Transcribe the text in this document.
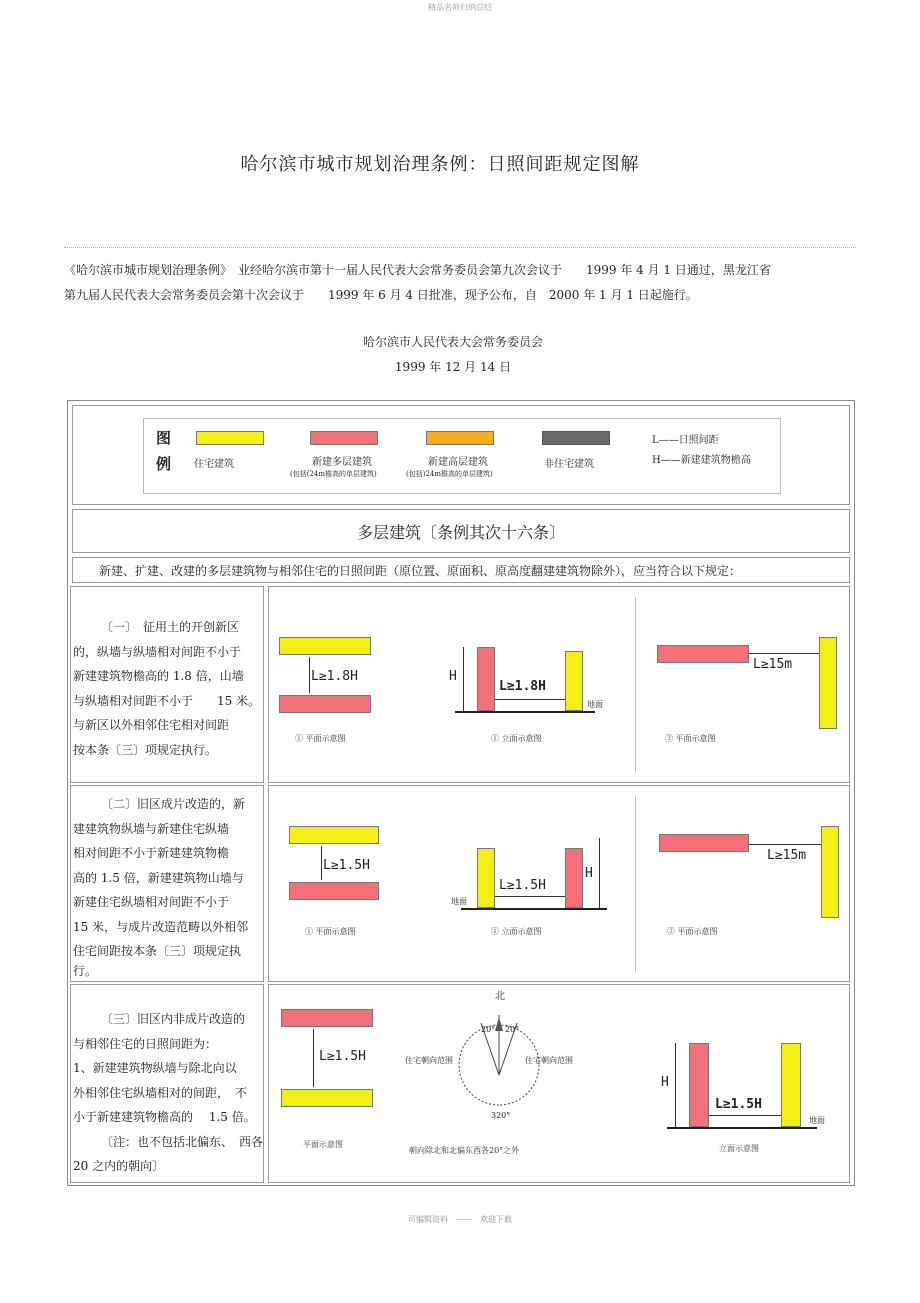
精品名师归纳总结
哈尔滨市城市规划治理条例：日照间距规定图解
《哈尔滨市城市规划治理条例》　业经哈尔滨市第十一届人民代表大会常务委员会第九次会议于　　1999 年 4 月 1 日通过，黑龙江省
第九届人民代表大会常务委员会第十次会议于　　1999 年 6 月 4 日批准，现予公布，自　2000 年 1 月 1 日起施行。
哈尔滨市人民代表大会常务委员会
1999 年 12 月 14 日
图
例 住宅建筑	新建多层建筑
(包括(24m檐高的单层建筑)
新建高层建筑
(包括)24m檐高的单层建筑)
非住宅建筑
L——日照间距
H——新建建筑物檐高
多层建筑〔条例其次十六条〕
新建、扩建、改建的多层建筑物与相邻住宅的日照间距（原位置、原面积、原高度翻建建筑物除外），应当符合以下规定：
〔一〕　征用土的开创新区
的，纵墙与纵墙相对间距不小于
新建建筑物檐高的 1.8 倍，山墙
与纵墙相对间距不小于　　15 米。
与新区以外相邻住宅相对间距
按本条〔三〕项规定执行。
L≥1.8H
① 平面示意图
H
L≥1.8H
地面
① 立面示意图
L≥15m
② 平面示意图
〔二〕旧区成片改造的，新
建建筑物纵墙与新建住宅纵墙
相对间距不小于新建建筑物檐
高的 1.5 倍，新建建筑物山墙与
新建住宅纵墙相对间距不小于
15 米，与成片改造范畴以外相邻
住宅间距按本条〔三〕项规定执
行。
L≥1.5H
① 平面示意图
H
L≥1.5H
地面
① 立面示意图
L≥15m
② 平面示意图
〔三〕旧区内非成片改造的
与相邻住宅的日照间距为：
1、新建建筑物纵墙与除北向以
外相邻住宅纵墙相对的间距，　不
小于新建建筑物檐高的　 1.5 倍。
〔注：也不包括北偏东、　西各
20 之内的朝向〕
L≥1.5H
平面示意图
北
20° 20°
320°
住宅朝向范围	住宅朝向范围
朝向除北和北偏东西各20°之外
H
L≥1.5H
地面
立面示意图
可编辑资料　——　欢迎下载
